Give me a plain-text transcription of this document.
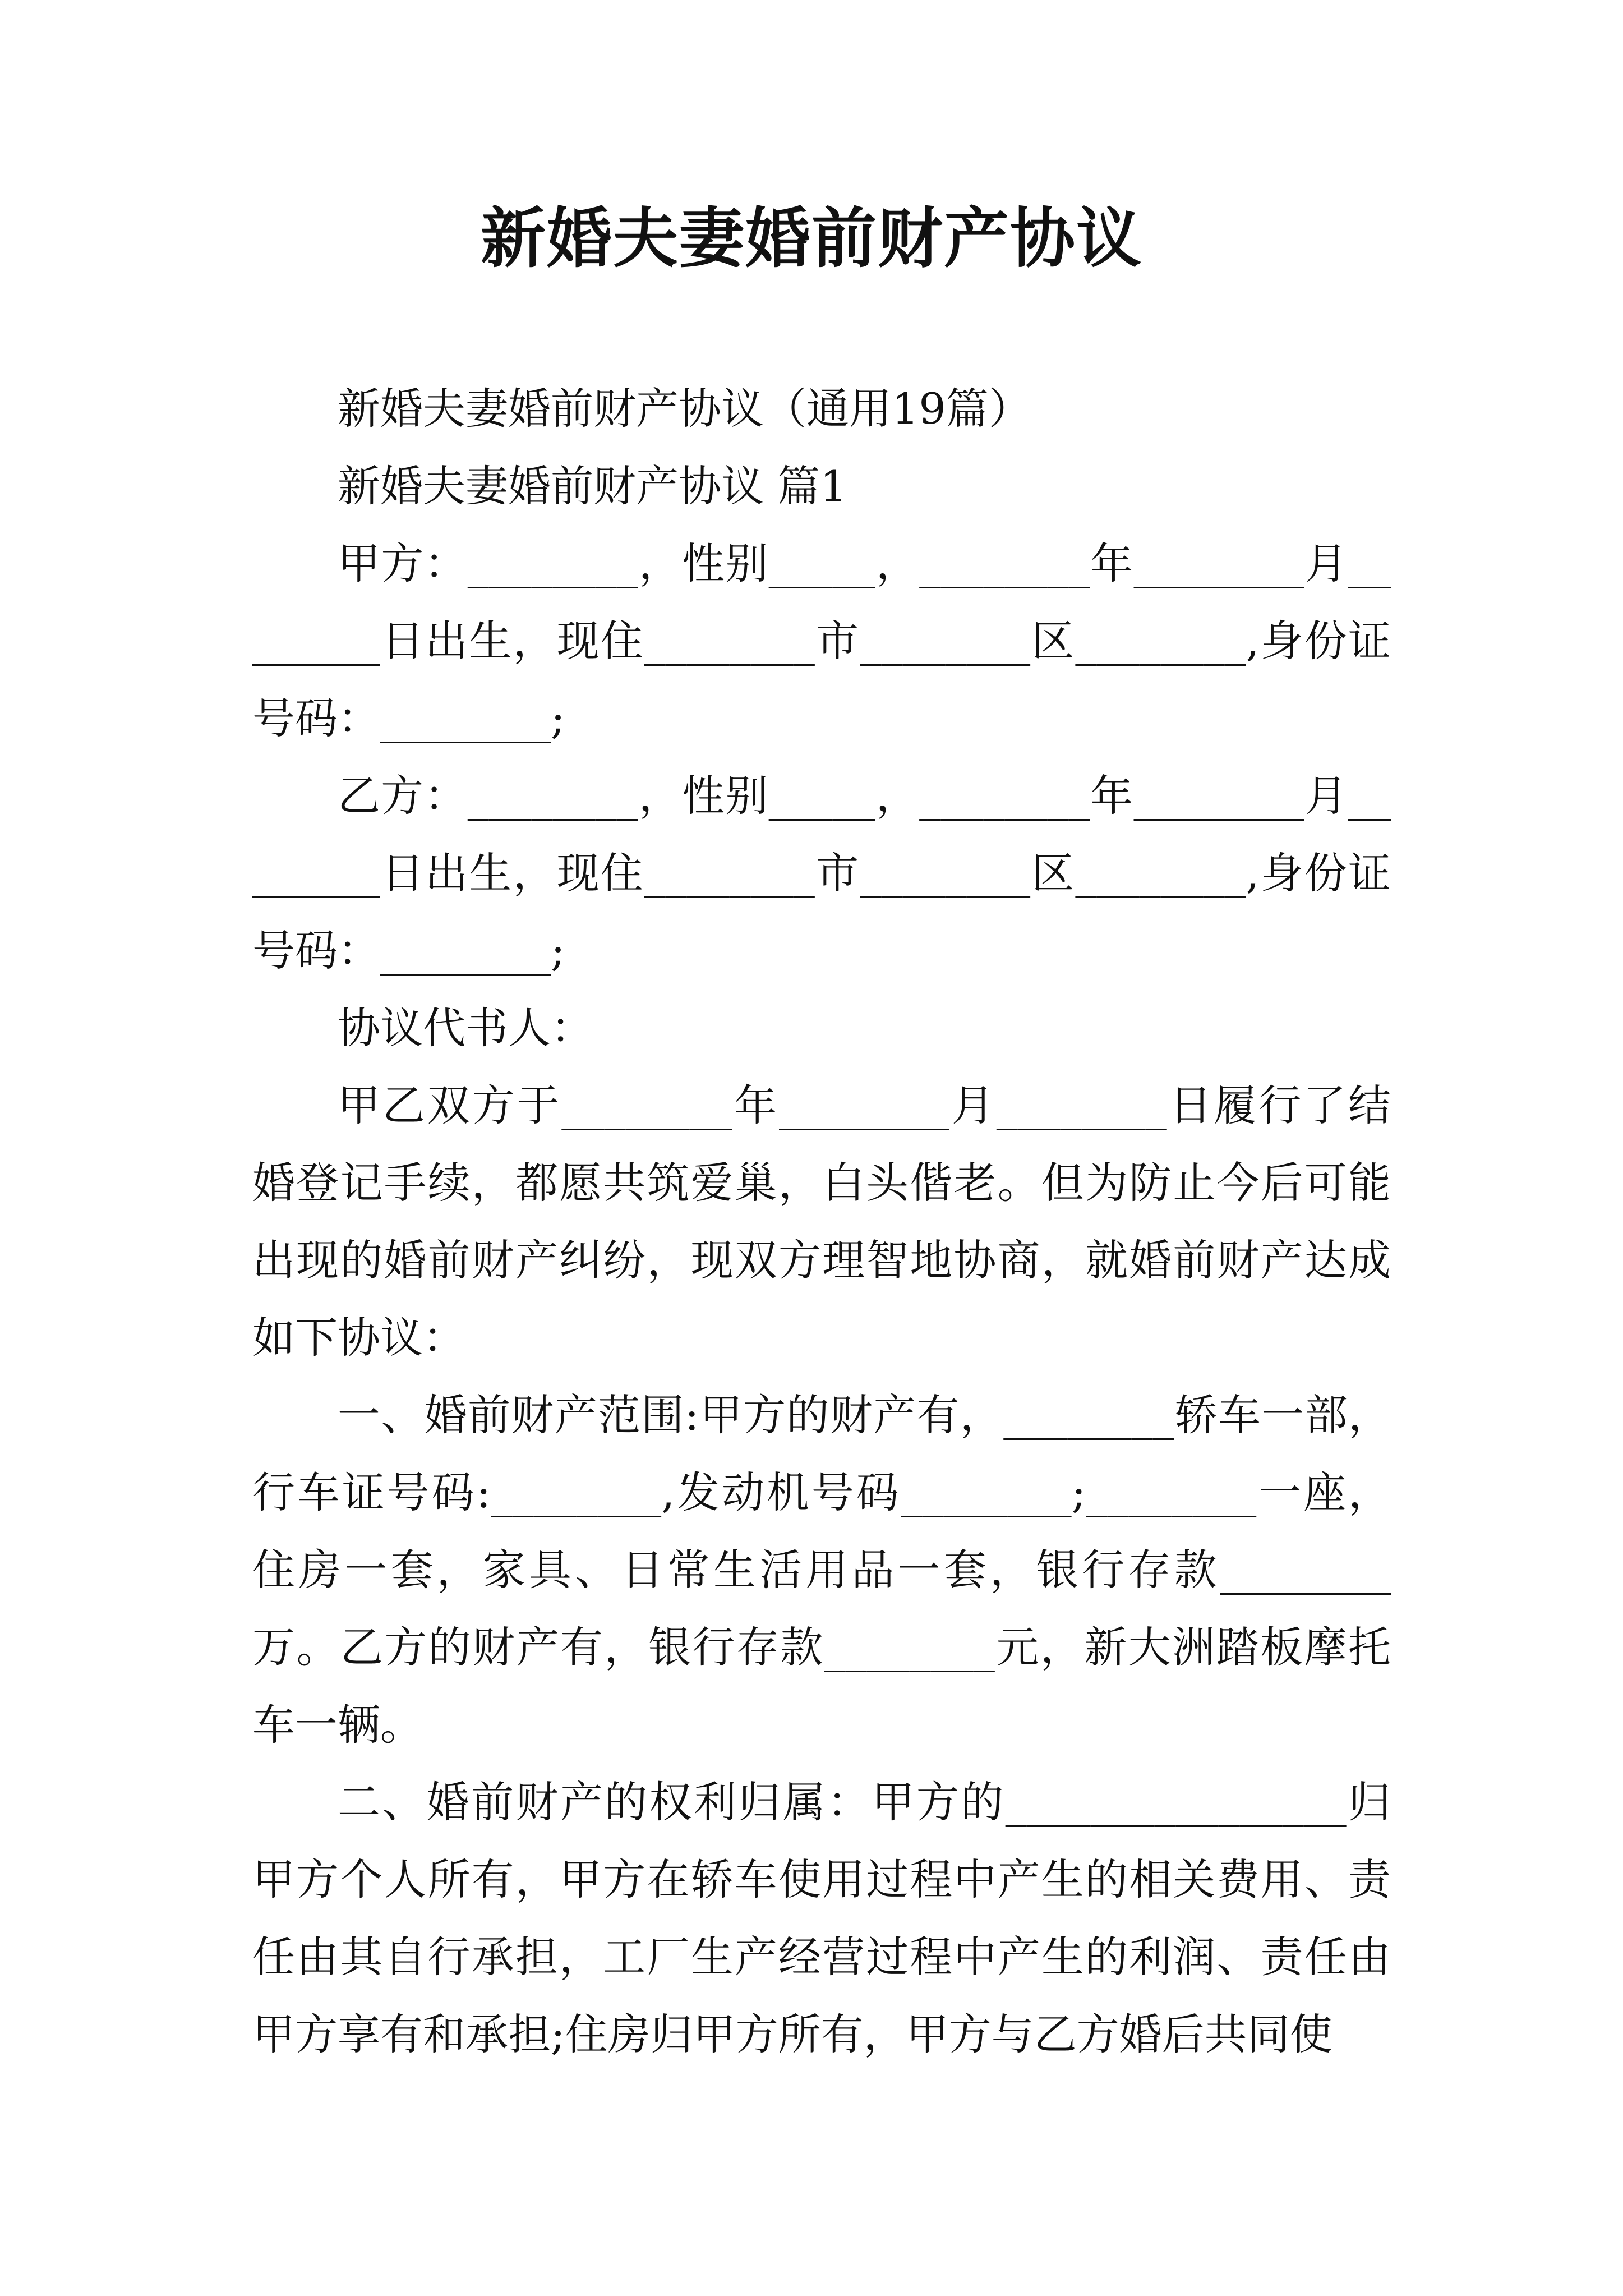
新婚夫妻婚前财产协议

新婚夫妻婚前财产协议（通用19篇）

新婚夫妻婚前财产协议 篇1

甲方：________，性别_____，________年________月________日出生，现住________市________区________,身份证号码：________;

乙方：________，性别_____，________年________月________日出生，现住________市________区________,身份证号码：________;

协议代书人：

甲乙双方于________年________月________日履行了结婚登记手续，都愿共筑爱巢，白头偕老。但为防止今后可能出现的婚前财产纠纷，现双方理智地协商，就婚前财产达成如下协议：

一、婚前财产范围:甲方的财产有，________轿车一部，行车证号码:________,发动机号码________;________一座，住房一套，家具、日常生活用品一套，银行存款________万。乙方的财产有，银行存款________元，新大洲踏板摩托车一辆。

二、婚前财产的权利归属：甲方的________________归甲方个人所有，甲方在轿车使用过程中产生的相关费用、责任由其自行承担，工厂生产经营过程中产生的利润、责任由甲方享有和承担;住房归甲方所有，甲方与乙方婚后共同使
